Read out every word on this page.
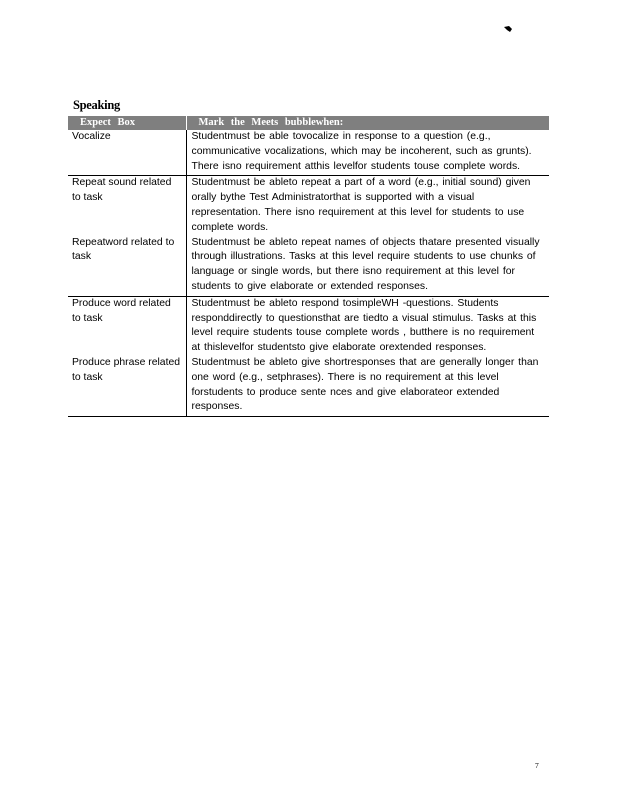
Speaking
Expect Box	Mark the Meets bubblewhen:
Vocalize	Studentmust be able tovocalize in response to a question (e.g., communicative vocalizations, which may be incoherent, such as grunts). There isno requirement atthis levelfor students touse complete words.
Repeat sound related to task	Studentmust be ableto repeat a part of a word (e.g., initial sound) given orally bythe Test Administratorthat is supported with a visual representation. There isno requirement at this level for students to use complete words.
Repeatword related to task	Studentmust be ableto repeat names of objects thatare presented visually through illustrations. Tasks at this level require students to use chunks of language or single words, but there isno requirement at this level for students to give elaborate or extended responses.
Produce word related to task	Studentmust be ableto respond tosimpleWH -questions. Students responddirectly to questionsthat are tiedto a visual stimulus. Tasks at this level require students touse complete words , butthere is no requirement at thislevelfor studentsto give elaborate orextended responses.
Produce phrase related to task	Studentmust be ableto give shortresponses that are generally longer than one word (e.g., setphrases). There is no requirement at this level forstudents to produce sente nces and give elaborateor extended responses.
7
